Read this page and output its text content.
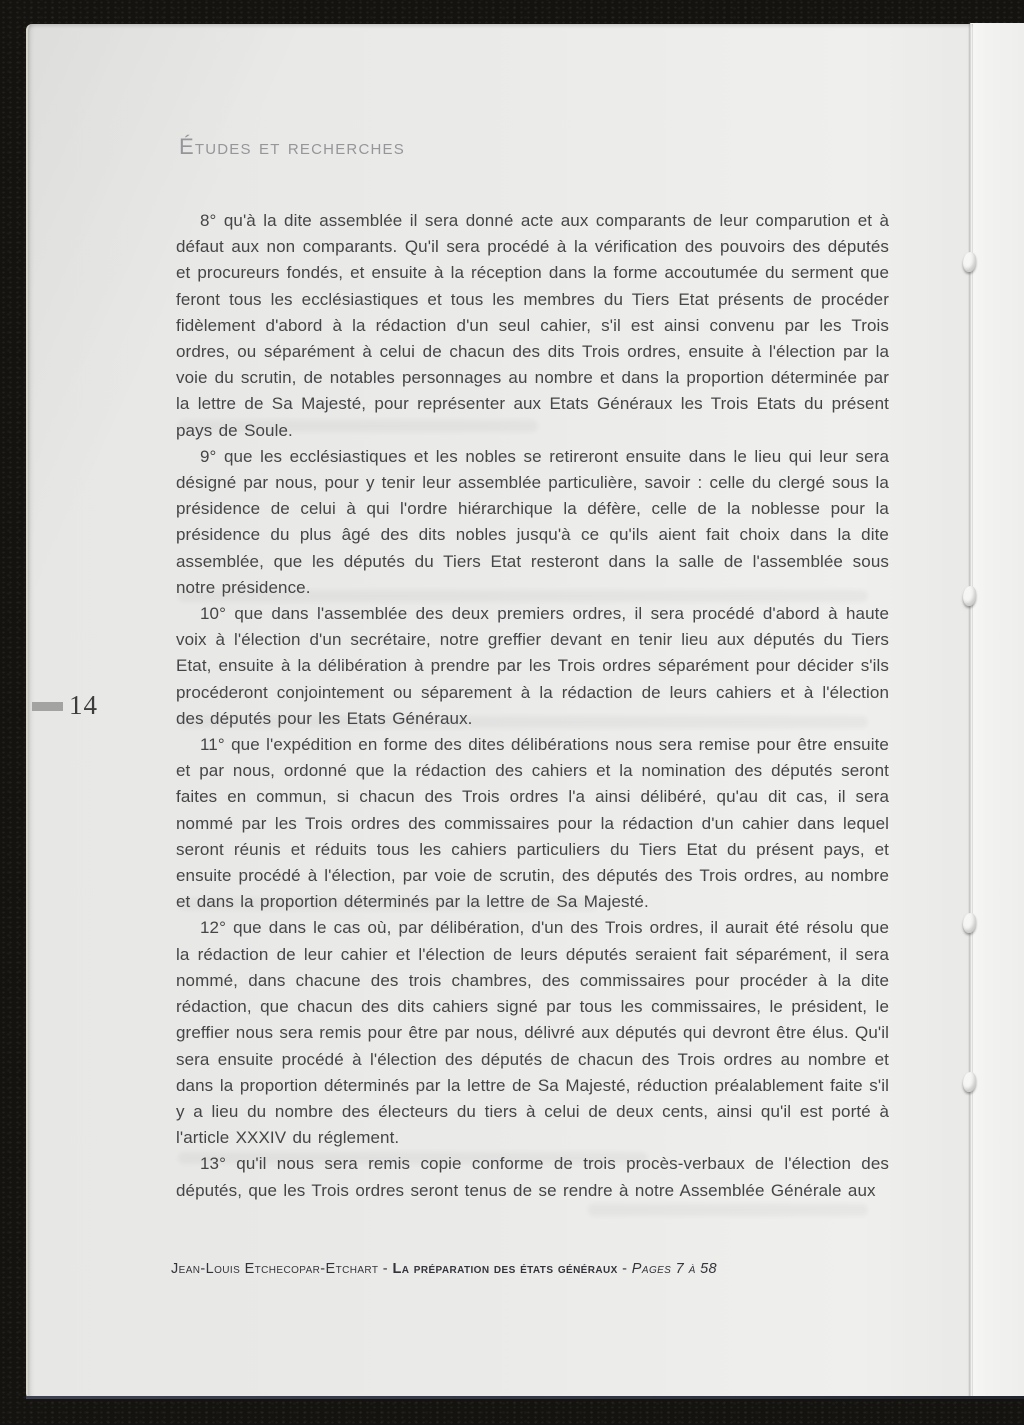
Études et recherches

8° qu'à la dite assemblée il sera donné acte aux comparants de leur comparution et à défaut aux non comparants. Qu'il sera procédé à la vérification des pouvoirs des députés et procureurs fondés, et ensuite à la réception dans la forme accoutumée du serment que feront tous les ecclésiastiques et tous les membres du Tiers Etat présents de procéder fidèlement d'abord à la rédaction d'un seul cahier, s'il est ainsi convenu par les Trois ordres, ou séparément à celui de chacun des dits Trois ordres, ensuite à l'élection par la voie du scrutin, de notables personnages au nombre et dans la proportion déterminée par la lettre de Sa Majesté, pour représenter aux Etats Généraux les Trois Etats du présent pays de Soule.

9° que les ecclésiastiques et les nobles se retireront ensuite dans le lieu qui leur sera désigné par nous, pour y tenir leur assemblée particulière, savoir : celle du clergé sous la présidence de celui à qui l'ordre hiérarchique la défère, celle de la noblesse pour la présidence du plus âgé des dits nobles jusqu'à ce qu'ils aient fait choix dans la dite assemblée, que les députés du Tiers Etat resteront dans la salle de l'assemblée sous notre présidence.

10° que dans l'assemblée des deux premiers ordres, il sera procédé d'abord à haute voix à l'élection d'un secrétaire, notre greffier devant en tenir lieu aux députés du Tiers Etat, ensuite à la délibération à prendre par les Trois ordres séparément pour décider s'ils procéderont conjointement ou séparement à la rédaction de leurs cahiers et à l'élection des députés pour les Etats Généraux.

11° que l'expédition en forme des dites délibérations nous sera remise pour être ensuite et par nous, ordonné que la rédaction des cahiers et la nomination des députés seront faites en commun, si chacun des Trois ordres l'a ainsi délibéré, qu'au dit cas, il sera nommé par les Trois ordres des commissaires pour la rédaction d'un cahier dans lequel seront réunis et réduits tous les cahiers particuliers du Tiers Etat du présent pays, et ensuite procédé à l'élection, par voie de scrutin, des députés des Trois ordres, au nombre et dans la proportion déterminés par la lettre de Sa Majesté.

12° que dans le cas où, par délibération, d'un des Trois ordres, il aurait été résolu que la rédaction de leur cahier et l'élection de leurs députés seraient fait séparément, il sera nommé, dans chacune des trois chambres, des commissaires pour procéder à la dite rédaction, que chacun des dits cahiers signé par tous les commissaires, le président, le greffier nous sera remis pour être par nous, délivré aux députés qui devront être élus. Qu'il sera ensuite procédé à l'élection des députés de chacun des Trois ordres au nombre et dans la proportion déterminés par la lettre de Sa Majesté, réduction préalablement faite s'il y a lieu du nombre des électeurs du tiers à celui de deux cents, ainsi qu'il est porté à l'article XXXIV du réglement.

13° qu'il nous sera remis copie conforme de trois procès-verbaux de l'élection des députés, que les Trois ordres seront tenus de se rendre à notre Assemblée Générale aux

14
Jean-Louis Etchecopar-Etchart - La préparation des états généraux - Pages 7 à 58
